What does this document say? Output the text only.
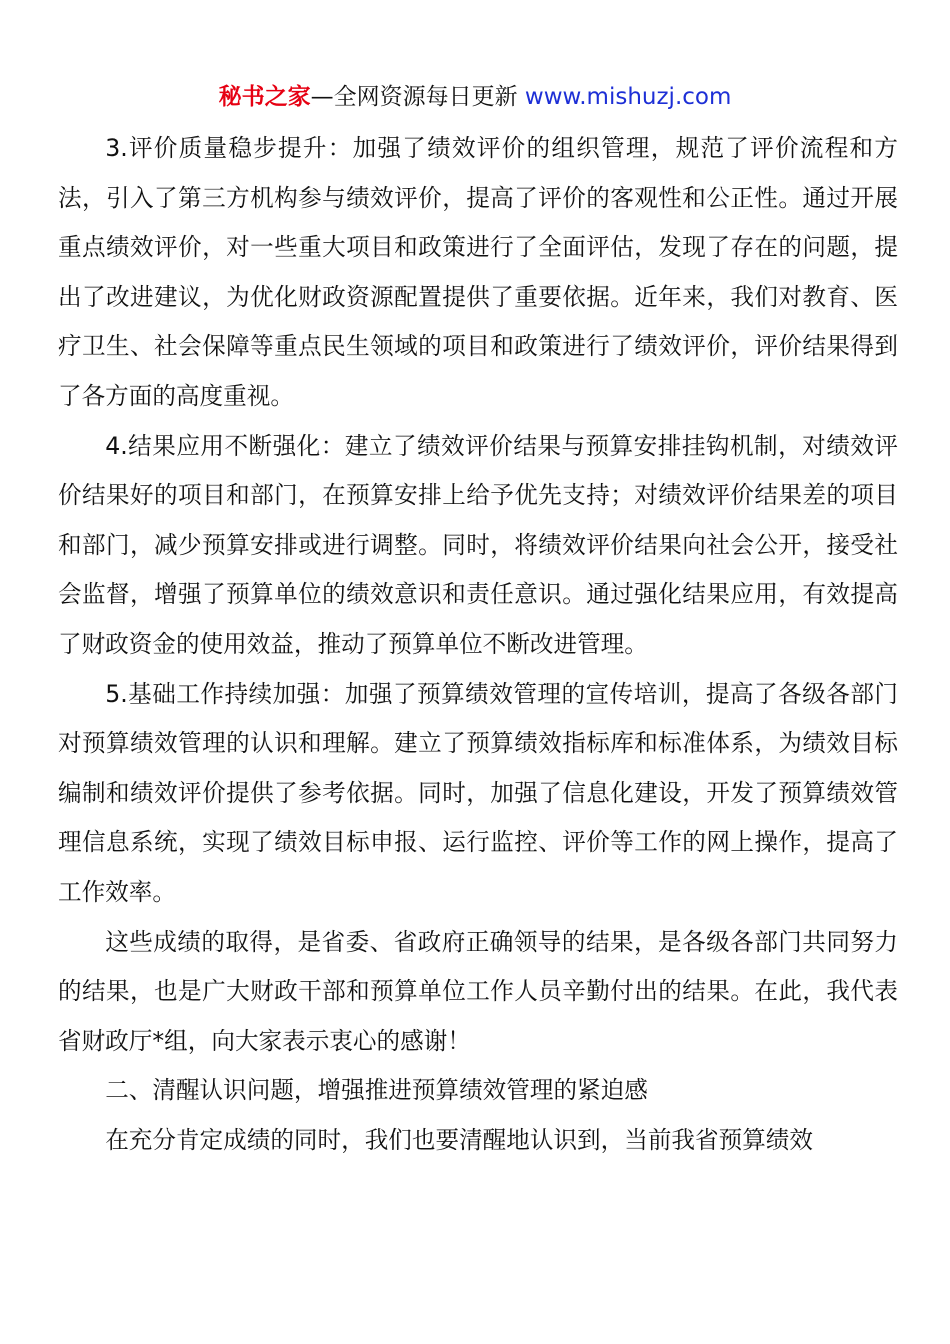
秘书之家—全网资源每日更新 www.mishuzj.com

3.评价质量稳步提升：加强了绩效评价的组织管理，规范了评价流程和方法，引入了第三方机构参与绩效评价，提高了评价的客观性和公正性。通过开展重点绩效评价，对一些重大项目和政策进行了全面评估，发现了存在的问题，提出了改进建议，为优化财政资源配置提供了重要依据。近年来，我们对教育、医疗卫生、社会保障等重点民生领域的项目和政策进行了绩效评价，评价结果得到了各方面的高度重视。

4.结果应用不断强化：建立了绩效评价结果与预算安排挂钩机制，对绩效评价结果好的项目和部门，在预算安排上给予优先支持；对绩效评价结果差的项目和部门，减少预算安排或进行调整。同时，将绩效评价结果向社会公开，接受社会监督，增强了预算单位的绩效意识和责任意识。通过强化结果应用，有效提高了财政资金的使用效益，推动了预算单位不断改进管理。

5.基础工作持续加强：加强了预算绩效管理的宣传培训，提高了各级各部门对预算绩效管理的认识和理解。建立了预算绩效指标库和标准体系，为绩效目标编制和绩效评价提供了参考依据。同时，加强了信息化建设，开发了预算绩效管理信息系统，实现了绩效目标申报、运行监控、评价等工作的网上操作，提高了工作效率。

这些成绩的取得，是省委、省政府正确领导的结果，是各级各部门共同努力的结果，也是广大财政干部和预算单位工作人员辛勤付出的结果。在此，我代表省财政厅*组，向大家表示衷心的感谢！

二、清醒认识问题，增强推进预算绩效管理的紧迫感

在充分肯定成绩的同时，我们也要清醒地认识到，当前我省预算绩效
